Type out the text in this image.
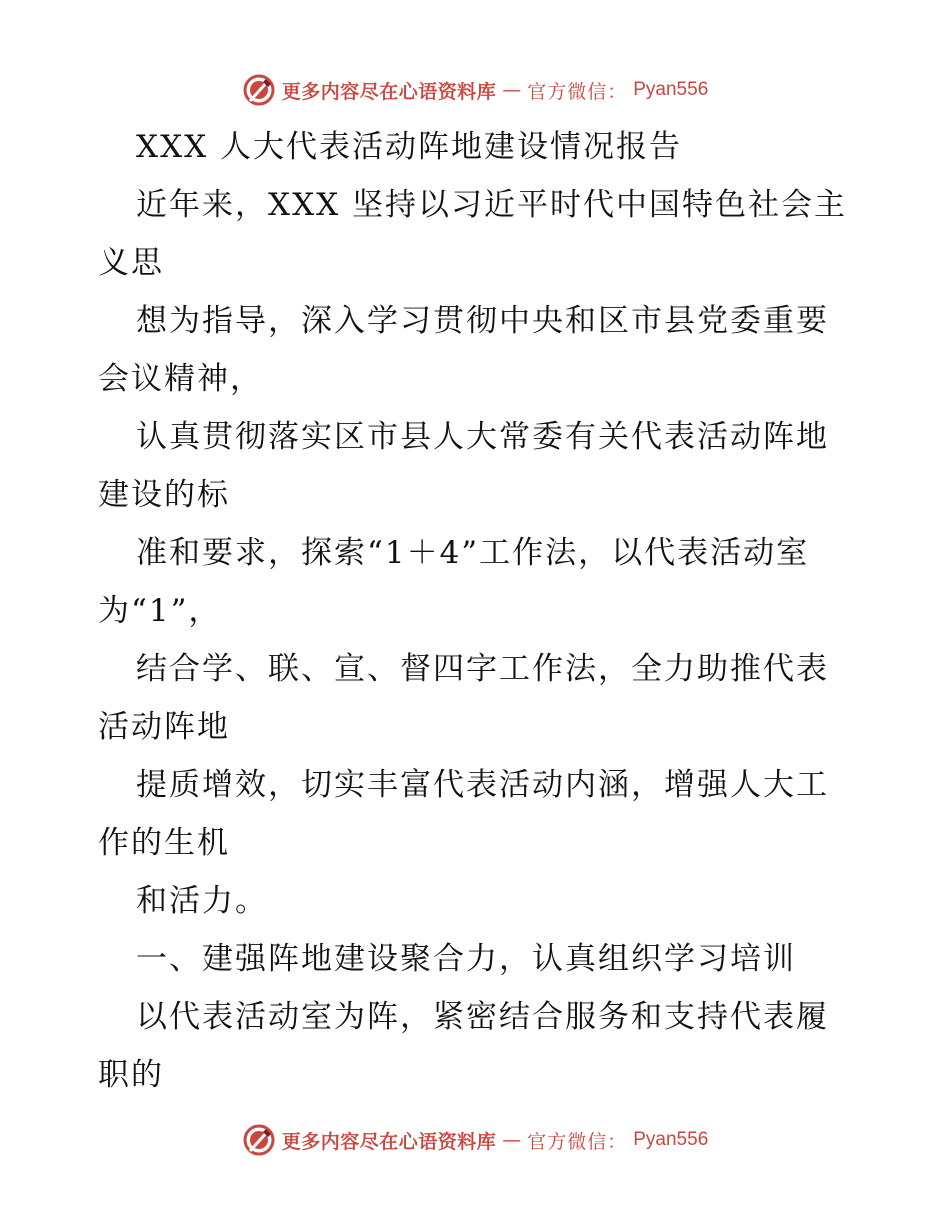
更多内容尽在心语资料库 — 官方微信： Pyan556
XXX 人大代表活动阵地建设情况报告
近年来，XXX 坚持以习近平时代中国特色社会主
义思
想为指导，深入学习贯彻中央和区市县党委重要
会议精神，
认真贯彻落实区市县人大常委有关代表活动阵地
建设的标
准和要求，探索“1＋4”工作法，以代表活动室
为“1”，
结合学、联、宣、督四字工作法，全力助推代表
活动阵地
提质增效，切实丰富代表活动内涵，增强人大工
作的生机
和活力。
一、建强阵地建设聚合力，认真组织学习培训
以代表活动室为阵，紧密结合服务和支持代表履
职的
更多内容尽在心语资料库 — 官方微信： Pyan556
